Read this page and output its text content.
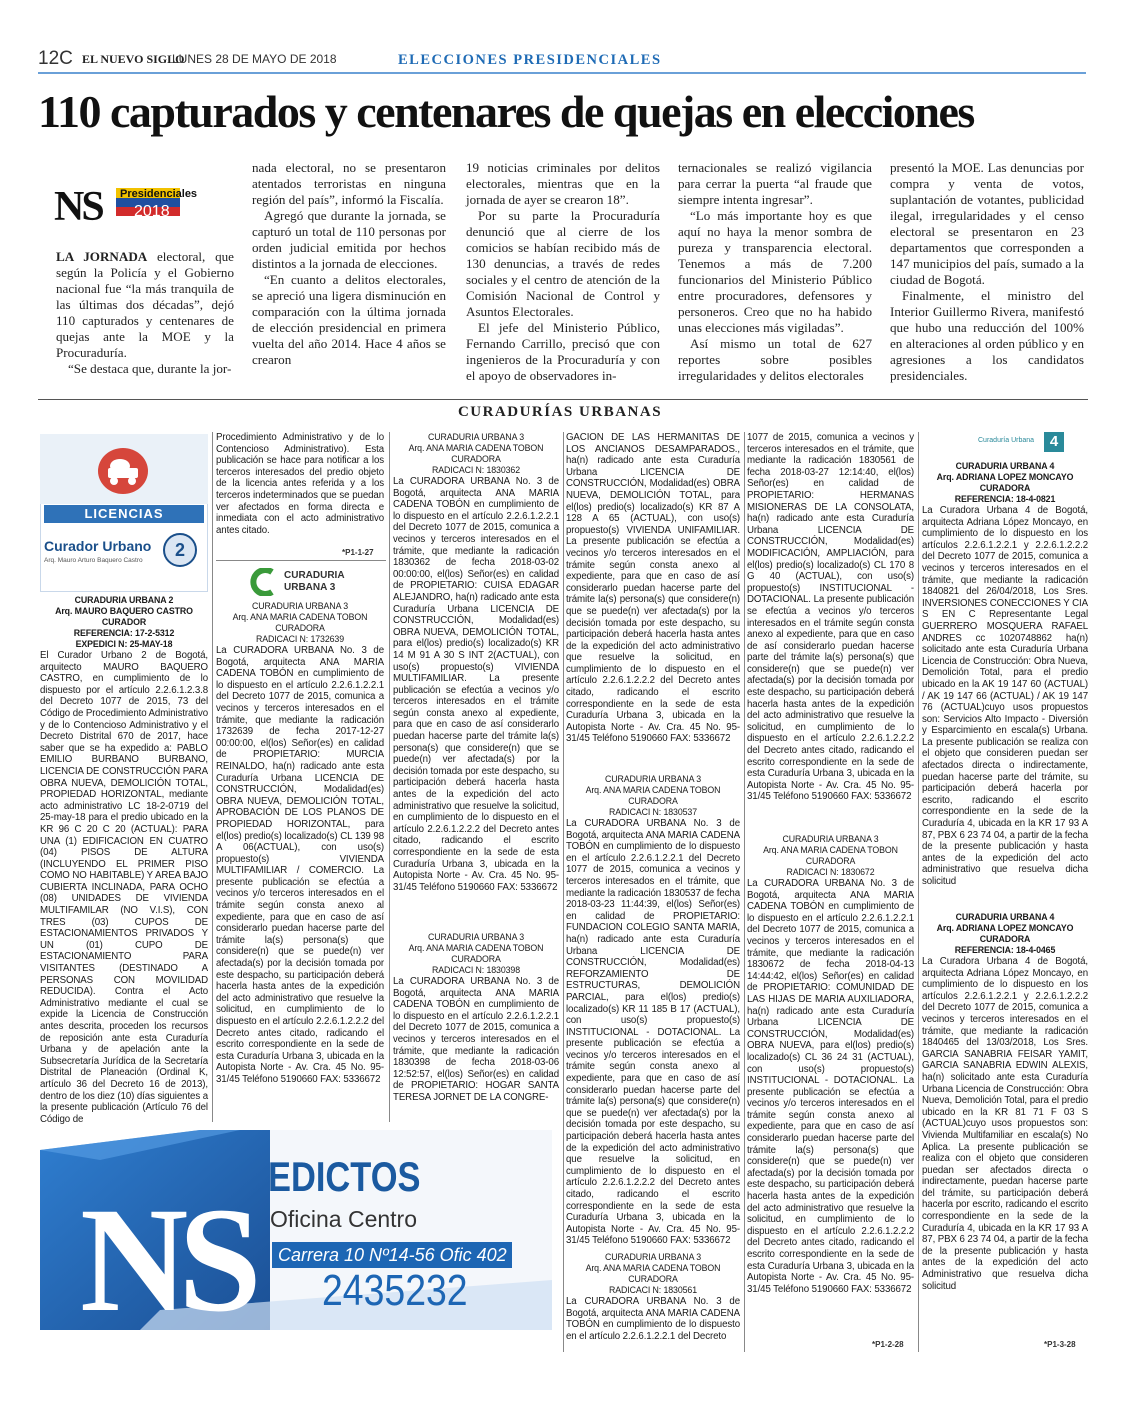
12C EL NUEVO SIGLO
LUNES 28 DE MAYO DE 2018	ELECCIONES PRESIDENCIALES
110 capturados y centenares de quejas en elecciones
NS Presidenciales
2018

LA JORNADA electoral, que según la Policía y el Gobierno nacional fue “la más tranquila de las últimas dos décadas”, dejó 110 capturados y centenares de quejas ante la MOE y la Procuraduría.

“Se destaca que, durante la jor-

nada electoral, no se presentaron atentados terroristas en ninguna región del país”, informó la Fiscalía.

Agregó que durante la jornada, se capturó un total de 110 personas por orden judicial emitida por hechos distintos a la jornada de elecciones.

“En cuanto a delitos electorales, se apreció una ligera disminución en comparación con la última jornada de elección presidencial en primera vuelta del año 2014. Hace 4 años se crearon

19 noticias criminales por delitos electorales, mientras que en la jornada de ayer se crearon 18”.

Por su parte la Procuraduría denunció que al cierre de los comicios se habían recibido más de 130 denuncias, a través de redes sociales y el centro de atención de la Comisión Nacional de Control y Asuntos Electorales.

El jefe del Ministerio Público, Fernando Carrillo, precisó que con ingenieros de la Procuraduría y con el apoyo de observadores in-

ternacionales se realizó vigilancia para cerrar la puerta “al fraude que siempre intenta ingresar”.

“Lo más importante hoy es que aquí no haya la menor sombra de pureza y transparencia electoral. Tenemos a más de 7.200 funcionarios del Ministerio Público entre procuradores, defensores y personeros. Creo que no ha habido unas elecciones más vigiladas”.

Así mismo un total de 627 reportes sobre posibles irregularidades y delitos electorales

presentó la MOE. Las denuncias por compra y venta de votos, suplantación de votantes, publicidad ilegal, irregularidades y el censo electoral se presentaron en 23 departamentos que corresponden a 147 municipios del país, sumado a la ciudad de Bogotá.

Finalmente, el ministro del Interior Guillermo Rivera, manifestó que hubo una reducción del 100% en alteraciones al orden público y en agresiones a los candidatos presidenciales.

CURADURÍAS URBANAS
LICENCIAS
Curador Urbano
Arq. Mauro Arturo Baquero Castro
2
CURADURIA URBANA 2
Arq. MAURO BAQUERO CASTRO
CURADOR
REFERENCIA: 17-2-5312
EXPEDICI N: 25-MAY-18
El Curador Urbano 2 de Bogotá, arquitecto MAURO BAQUERO CASTRO, en cumplimiento de lo dispuesto por el artículo 2.2.6.1.2.3.8 del Decreto 1077 de 2015, 73 del Código de Procedimiento Administrativo y de lo Contencioso Administrativo y el Decreto Distrital 670 de 2017, hace saber que se ha expedido a: PABLO EMILIO BURBANO BURBANO, LICENCIA DE CONSTRUCCIÓN PARA OBRA NUEVA, DEMOLICIÓN TOTAL, PROPIEDAD HORIZONTAL, mediante acto administrativo LC 18-2-0719 del 25-may-18 para el predio ubicado en la KR 96 C 20 C 20 (ACTUAL): PARA UNA (1) EDIFICACION EN CUATRO (04) PISOS DE ALTURA (INCLUYENDO EL PRIMER PISO COMO NO HABITABLE) Y AREA BAJO CUBIERTA INCLINADA, PARA OCHO (08) UNIDADES DE VIVIENDA MULTIFAMILAR (NO V.I.S), CON TRES (03) CUPOS DE ESTACIONAMIENTOS PRIVADOS Y UN (01) CUPO DE ESTACIONAMIENTO PARA VISITANTES (DESTINADO A PERSONAS CON MOVILIDAD REDUCIDA). Contra el Acto Administrativo mediante el cual se expide la Licencia de Construcción antes descrita, proceden los recursos de reposición ante esta Curaduría Urbana y de apelación ante la Subsecretaría Jurídica de la Secretaría Distrital de Planeación (Ordinal K, artículo 36 del Decreto 16 de 2013), dentro de los diez (10) días siguientes a la presente publicación (Artículo 76 del Código de
Procedimiento Administrativo y de lo Contencioso Administrativo). Esta publicación se hace para notificar a los terceros interesados del predio objeto de la licencia antes referida y a los terceros indeterminados que se puedan ver afectados en forma directa e inmediata con el acto administrativo antes citado.
*P1-1-27
CURADURIA
URBANA 3
CURADURIA URBANA 3
Arq. ANA MARIA CADENA TOBON
CURADORA
RADICACI N: 1732639
La CURADORA URBANA No. 3 de Bogotá, arquitecta ANA MARIA CADENA TOBÓN en cumplimiento de lo dispuesto en el artículo 2.2.6.1.2.2.1 del Decreto 1077 de 2015, comunica a vecinos y terceros interesados en el trámite, que mediante la radicación 1732639 de fecha 2017-12-27 00:00:00, el(los) Señor(es) en calidad de PROPIETARIO: MURCIA REINALDO, ha(n) radicado ante esta Curaduría Urbana LICENCIA DE CONSTRUCCIÓN, Modalidad(es) OBRA NUEVA, DEMOLICIÓN TOTAL, APROBACIÓN DE LOS PLANOS DE PROPIEDAD HORIZONTAL, para el(los) predio(s) localizado(s) CL 139 98 A 06(ACTUAL), con uso(s) propuesto(s) VIVIENDA MULTIFAMILIAR / COMERCIO. La presente publicación se efectúa a vecinos y/o terceros interesados en el trámite según consta anexo al expediente, para que en caso de así considerarlo puedan hacerse parte del trámite la(s) persona(s) que considere(n) que se puede(n) ver afectada(s) por la decisión tomada por este despacho, su participación deberá hacerla hasta antes de la expedición del acto administrativo que resuelve la solicitud, en cumplimiento de lo dispuesto en el artículo 2.2.6.1.2.2.2 del Decreto antes citado, radicando el escrito correspondiente en la sede de esta Curaduría Urbana 3, ubicada en la Autopista Norte - Av. Cra. 45 No. 95-31/45 Teléfono 5190660 FAX: 5336672
CURADURIA URBANA 3
Arq. ANA MARIA CADENA TOBON
CURADORA
RADICACI N: 1830362
La CURADORA URBANA No. 3 de Bogotá, arquitecta ANA MARIA CADENA TOBÓN en cumplimiento de lo dispuesto en el artículo 2.2.6.1.2.2.1 del Decreto 1077 de 2015, comunica a vecinos y terceros interesados en el trámite, que mediante la radicación 1830362 de fecha 2018-03-02 00:00:00, el(los) Señor(es) en calidad de PROPIETARIO: CUISA EDAGAR ALEJANDRO, ha(n) radicado ante esta Curaduría Urbana LICENCIA DE CONSTRUCCIÓN, Modalidad(es) OBRA NUEVA, DEMOLICIÓN TOTAL, para el(los) predio(s) localizado(s) KR 14 M 91 A 30 S INT 2(ACTUAL), con uso(s) propuesto(s) VIVIENDA MULTIFAMILIAR. La presente publicación se efectúa a vecinos y/o terceros interesados en el trámite según consta anexo al expediente, para que en caso de así considerarlo puedan hacerse parte del trámite la(s) persona(s) que considere(n) que se puede(n) ver afectada(s) por la decisión tomada por este despacho, su participación deberá hacerla hasta antes de la expedición del acto administrativo que resuelve la solicitud, en cumplimiento de lo dispuesto en el artículo 2.2.6.1.2.2.2 del Decreto antes citado, radicando el escrito correspondiente en la sede de esta Curaduría Urbana 3, ubicada en la Autopista Norte - Av. Cra. 45 No. 95-31/45 Teléfono 5190660 FAX: 5336672
CURADURIA URBANA 3
Arq. ANA MARIA CADENA TOBON
CURADORA
RADICACI N: 1830398
La CURADORA URBANA No. 3 de Bogotá, arquitecta ANA MARIA CADENA TOBÓN en cumplimiento de lo dispuesto en el artículo 2.2.6.1.2.2.1 del Decreto 1077 de 2015, comunica a vecinos y terceros interesados en el trámite, que mediante la radicación 1830398 de fecha 2018-03-06 12:52:57, el(los) Señor(es) en calidad de PROPIETARIO: HOGAR SANTA TERESA JORNET DE LA CONGRE-
GACION DE LAS HERMANITAS DE LOS ANCIANOS DESAMPARADOS., ha(n) radicado ante esta Curaduría Urbana LICENCIA DE CONSTRUCCIÓN, Modalidad(es) OBRA NUEVA, DEMOLICIÓN TOTAL, para el(los) predio(s) localizado(s) KR 87 A 128 A 65 (ACTUAL), con uso(s) propuesto(s) VIVIENDA UNIFAMILIAR. La presente publicación se efectúa a vecinos y/o terceros interesados en el trámite según consta anexo al expediente, para que en caso de así considerarlo puedan hacerse parte del trámite la(s) persona(s) que considere(n) que se puede(n) ver afectada(s) por la decisión tomada por este despacho, su participación deberá hacerla hasta antes de la expedición del acto administrativo que resuelve la solicitud, en cumplimiento de lo dispuesto en el artículo 2.2.6.1.2.2.2 del Decreto antes citado, radicando el escrito correspondiente en la sede de esta Curaduría Urbana 3, ubicada en la Autopista Norte - Av. Cra. 45 No. 95-31/45 Teléfono 5190660 FAX: 5336672
CURADURIA URBANA 3
Arq. ANA MARIA CADENA TOBON
CURADORA
RADICACI N: 1830537
La CURADORA URBANA No. 3 de Bogotá, arquitecta ANA MARIA CADENA TOBÓN en cumplimiento de lo dispuesto en el artículo 2.2.6.1.2.2.1 del Decreto 1077 de 2015, comunica a vecinos y terceros interesados en el trámite, que mediante la radicación 1830537 de fecha 2018-03-23 11:44:39, el(los) Señor(es) en calidad de PROPIETARIO: FUNDACION COLEGIO SANTA MARIA, ha(n) radicado ante esta Curaduría Urbana LICENCIA DE CONSTRUCCIÓN, Modalidad(es) REFORZAMIENTO DE ESTRUCTURAS, DEMOLICIÓN PARCIAL, para el(los) predio(s) localizado(s) KR 11 185 B 17 (ACTUAL), con uso(s) propuesto(s) INSTITUCIONAL - DOTACIONAL. La presente publicación se efectúa a vecinos y/o terceros interesados en el trámite según consta anexo al expediente, para que en caso de así considerarlo puedan hacerse parte del trámite la(s) persona(s) que considere(n) que se puede(n) ver afectada(s) por la decisión tomada por este despacho, su participación deberá hacerla hasta antes de la expedición del acto administrativo que resuelve la solicitud, en cumplimiento de lo dispuesto en el artículo 2.2.6.1.2.2.2 del Decreto antes citado, radicando el escrito correspondiente en la sede de esta Curaduría Urbana 3, ubicada en la Autopista Norte - Av. Cra. 45 No. 95-31/45 Teléfono 5190660 FAX: 5336672
CURADURIA URBANA 3
Arq. ANA MARIA CADENA TOBON
CURADORA
RADICACI N: 1830561
La CURADORA URBANA No. 3 de Bogotá, arquitecta ANA MARIA CADENA TOBÓN en cumplimiento de lo dispuesto en el artículo 2.2.6.1.2.2.1 del Decreto
1077 de 2015, comunica a vecinos y terceros interesados en el trámite, que mediante la radicación 1830561 de fecha 2018-03-27 12:14:40, el(los) Señor(es) en calidad de PROPIETARIO: HERMANAS MISIONERAS DE LA CONSOLATA, ha(n) radicado ante esta Curaduría Urbana LICENCIA DE CONSTRUCCIÓN, Modalidad(es) MODIFICACIÓN, AMPLIACIÓN, para el(los) predio(s) localizado(s) CL 170 8 G 40 (ACTUAL), con uso(s) propuesto(s) INSTITUCIONAL - DOTACIONAL. La presente publicación se efectúa a vecinos y/o terceros interesados en el trámite según consta anexo al expediente, para que en caso de así considerarlo puedan hacerse parte del trámite la(s) persona(s) que considere(n) que se puede(n) ver afectada(s) por la decisión tomada por este despacho, su participación deberá hacerla hasta antes de la expedición del acto administrativo que resuelve la solicitud, en cumplimiento de lo dispuesto en el artículo 2.2.6.1.2.2.2 del Decreto antes citado, radicando el escrito correspondiente en la sede de esta Curaduría Urbana 3, ubicada en la Autopista Norte - Av. Cra. 45 No. 95-31/45 Teléfono 5190660 FAX: 5336672
CURADURIA URBANA 3
Arq. ANA MARIA CADENA TOBON
CURADORA
RADICACI N: 1830672
La CURADORA URBANA No. 3 de Bogotá, arquitecta ANA MARIA CADENA TOBÓN en cumplimiento de lo dispuesto en el artículo 2.2.6.1.2.2.1 del Decreto 1077 de 2015, comunica a vecinos y terceros interesados en el trámite, que mediante la radicación 1830672 de fecha 2018-04-13 14:44:42, el(los) Señor(es) en calidad de PROPIETARIO: COMUNIDAD DE LAS HIJAS DE MARIA AUXILIADORA, ha(n) radicado ante esta Curaduría Urbana LICENCIA DE CONSTRUCCIÓN, Modalidad(es) OBRA NUEVA, para el(los) predio(s) localizado(s) CL 36 24 31 (ACTUAL), con uso(s) propuesto(s) INSTITUCIONAL - DOTACIONAL. La presente publicación se efectúa a vecinos y/o terceros interesados en el trámite según consta anexo al expediente, para que en caso de así considerarlo puedan hacerse parte del trámite la(s) persona(s) que considere(n) que se puede(n) ver afectada(s) por la decisión tomada por este despacho, su participación deberá hacerla hasta antes de la expedición del acto administrativo que resuelve la solicitud, en cumplimiento de lo dispuesto en el artículo 2.2.6.1.2.2.2 del Decreto antes citado, radicando el escrito correspondiente en la sede de esta Curaduría Urbana 3, ubicada en la Autopista Norte - Av. Cra. 45 No. 95-31/45 Teléfono 5190660 FAX: 5336672
*P1-2-28
Curaduría Urbana	4
CURADURIA URBANA 4
Arq. ADRIANA LOPEZ MONCAYO
CURADORA
REFERENCIA: 18-4-0821
La Curadora Urbana 4 de Bogotá, arquitecta Adriana López Moncayo, en cumplimiento de lo dispuesto en los artículos 2.2.6.1.2.2.1 y 2.2.6.1.2.2.2 del Decreto 1077 de 2015, comunica a vecinos y terceros interesados en el trámite, que mediante la radicación 1840821 del 26/04/2018, Los Sres. INVERSIONES CONECCIONES Y CIA S EN C Representante Legal GUERRERO MOSQUERA RAFAEL ANDRES cc 1020748862 ha(n) solicitado ante esta Curaduría Urbana Licencia de Construcción: Obra Nueva, Demolición Total, para el predio ubicado en la AK 19 147 60 (ACTUAL) / AK 19 147 66 (ACTUAL) / AK 19 147 76 (ACTUAL)cuyo usos propuestos son: Servicios Alto Impacto - Diversión y Esparcimiento en escala(s) Urbana. La presente publicación se realiza con el objeto que consideren puedan ser afectados directa o indirectamente, puedan hacerse parte del trámite, su participación deberá hacerla por escrito, radicando el escrito correspondiente en la sede de la Curaduría 4, ubicada en la KR 17 93 A 87, PBX 6 23 74 04, a partir de la fecha de la presente publicación y hasta antes de la expedición del acto administrativo que resuelva dicha solicitud
CURADURIA URBANA 4
Arq. ADRIANA LOPEZ MONCAYO
CURADORA
REFERENCIA: 18-4-0465
La Curadora Urbana 4 de Bogotá, arquitecta Adriana López Moncayo, en cumplimiento de lo dispuesto en los artículos 2.2.6.1.2.2.1 y 2.2.6.1.2.2.2 del Decreto 1077 de 2015, comunica a vecinos y terceros interesados en el trámite, que mediante la radicación 1840465 del 13/03/2018, Los Sres. GARCIA SANABRIA FEISAR YAMIT, GARCIA SANABRIA EDWIN ALEXIS, ha(n) solicitado ante esta Curaduría Urbana Licencia de Construcción: Obra Nueva, Demolición Total, para el predio ubicado en la KR 81 71 F 03 S (ACTUAL)cuyo usos propuestos son: Vivienda Multifamiliar en escala(s) No Aplica. La presente publicación se realiza con el objeto que consideren puedan ser afectados directa o indirectamente, puedan hacerse parte del trámite, su participación deberá hacerla por escrito, radicando el escrito correspondiente en la sede de la Curaduría 4, ubicada en la KR 17 93 A 87, PBX 6 23 74 04, a partir de la fecha de la presente publicación y hasta antes de la expedición del acto Administrativo que resuelva dicha solicitud
*P1-3-28
NS
EDICTOS
Oficina Centro
Carrera 10 Nº14-56 Ofic 402
2435232
